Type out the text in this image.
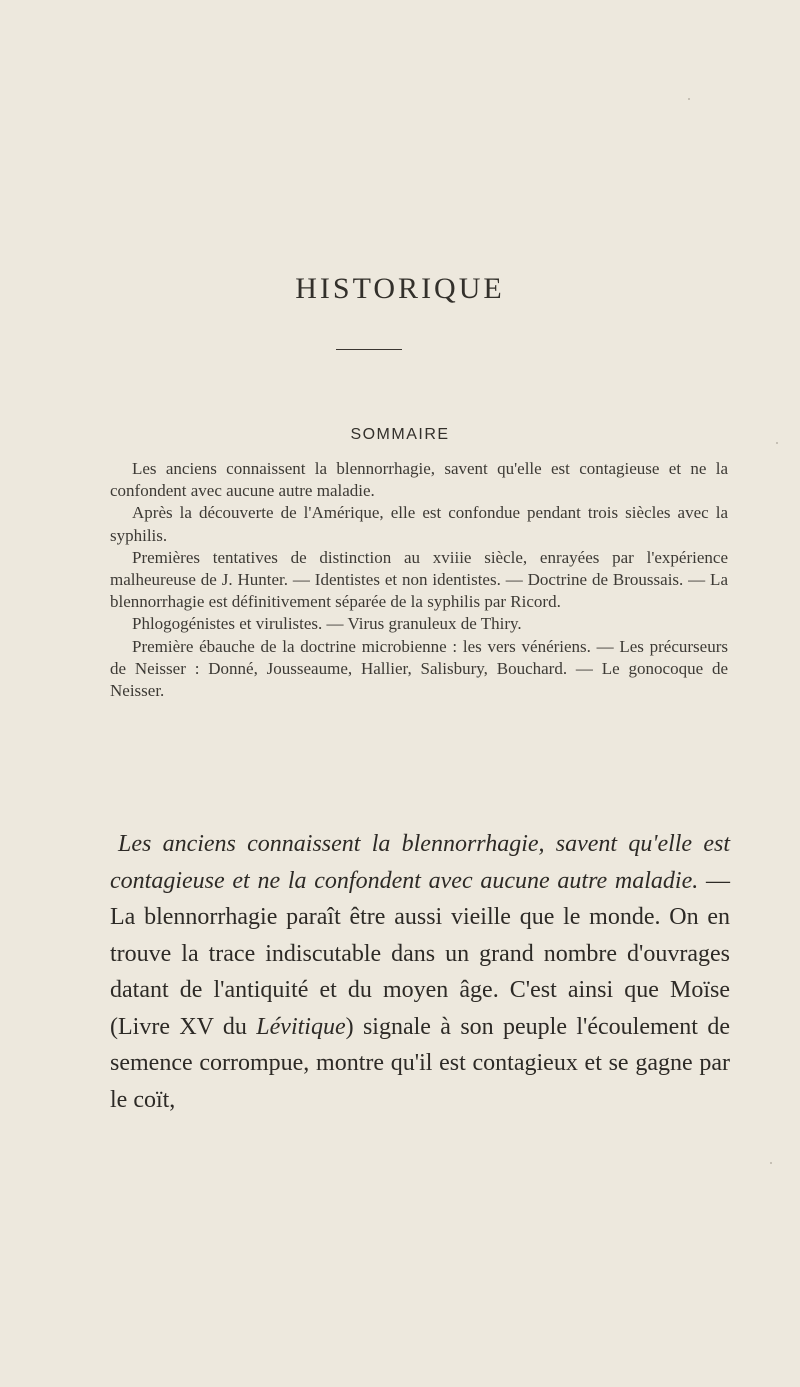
HISTORIQUE
SOMMAIRE

Les anciens connaissent la blennorrhagie, savent qu'elle est contagieuse et ne la confondent avec aucune autre maladie.

Après la découverte de l'Amérique, elle est confondue pendant trois siècles avec la syphilis.

Premières tentatives de distinction au xviiie siècle, enrayées par l'expérience malheureuse de J. Hunter. — Identistes et non identistes. — Doctrine de Broussais. — La blennorrhagie est définitivement séparée de la syphilis par Ricord.

Phlogogénistes et virulistes. — Virus granuleux de Thiry.

Première ébauche de la doctrine microbienne : les vers vénériens. — Les précurseurs de Neisser : Donné, Jousseaume, Hallier, Salisbury, Bouchard. — Le gonocoque de Neisser.

Les anciens connaissent la blennorrhagie, savent qu'elle est contagieuse et ne la confondent avec aucune autre maladie. — La blennorrhagie paraît être aussi vieille que le monde. On en trouve la trace indiscutable dans un grand nombre d'ouvrages datant de l'antiquité et du moyen âge. C'est ainsi que Moïse (Livre XV du Lévitique) signale à son peuple l'écoulement de semence corrompue, montre qu'il est contagieux et se gagne par le coït,
